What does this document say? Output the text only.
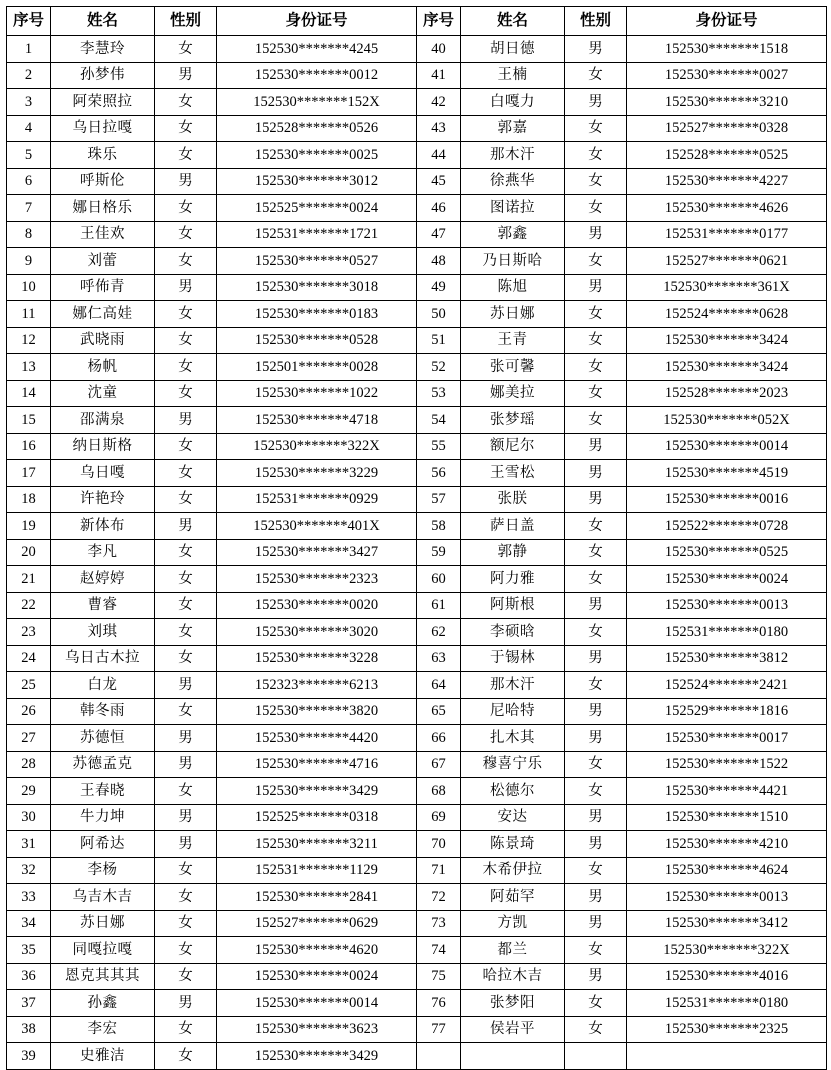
序号	姓名	性别	身份证号	序号	姓名	性别	身份证号
1	李慧玲	女	152530*******4245	40	胡日德	男	152530*******1518
2	孙梦伟	男	152530*******0012	41	王楠	女	152530*******0027
3	阿荣照拉	女	152530*******152X	42	白嘎力	男	152530*******3210
4	乌日拉嘎	女	152528*******0526	43	郭嘉	女	152527*******0328
5	珠乐	女	152530*******0025	44	那木汗	女	152528*******0525
6	呼斯伦	男	152530*******3012	45	徐燕华	女	152530*******4227
7	娜日格乐	女	152525*******0024	46	图诺拉	女	152530*******4626
8	王佳欢	女	152531*******1721	47	郭鑫	男	152531*******0177
9	刘蕾	女	152530*******0527	48	乃日斯哈	女	152527*******0621
10	呼佈青	男	152530*******3018	49	陈旭	男	152530*******361X
11	娜仁高娃	女	152530*******0183	50	苏日娜	女	152524*******0628
12	武晓雨	女	152530*******0528	51	王青	女	152530*******3424
13	杨帆	女	152501*******0028	52	张可馨	女	152530*******3424
14	沈童	女	152530*******1022	53	娜美拉	女	152528*******2023
15	邵满泉	男	152530*******4718	54	张梦瑶	女	152530*******052X
16	纳日斯格	女	152530*******322X	55	额尼尔	男	152530*******0014
17	乌日嘎	女	152530*******3229	56	王雪松	男	152530*******4519
18	许艳玲	女	152531*******0929	57	张朕	男	152530*******0016
19	新体布	男	152530*******401X	58	萨日盖	女	152522*******0728
20	李凡	女	152530*******3427	59	郭静	女	152530*******0525
21	赵婷婷	女	152530*******2323	60	阿力雅	女	152530*******0024
22	曹睿	女	152530*******0020	61	阿斯根	男	152530*******0013
23	刘琪	女	152530*******3020	62	李硕晗	女	152531*******0180
24	乌日古木拉	女	152530*******3228	63	于锡林	男	152530*******3812
25	白龙	男	152323*******6213	64	那木汗	女	152524*******2421
26	韩冬雨	女	152530*******3820	65	尼哈特	男	152529*******1816
27	苏德恒	男	152530*******4420	66	扎木其	男	152530*******0017
28	苏德孟克	男	152530*******4716	67	穆喜宁乐	女	152530*******1522
29	王春晓	女	152530*******3429	68	松德尔	女	152530*******4421
30	牛力坤	男	152525*******0318	69	安达	男	152530*******1510
31	阿希达	男	152530*******3211	70	陈景琦	男	152530*******4210
32	李杨	女	152531*******1129	71	木希伊拉	女	152530*******4624
33	乌吉木吉	女	152530*******2841	72	阿茹罕	男	152530*******0013
34	苏日娜	女	152527*******0629	73	方凯	男	152530*******3412
35	同嘎拉嘎	女	152530*******4620	74	都兰	女	152530*******322X
36	恩克其其其	女	152530*******0024	75	哈拉木吉	男	152530*******4016
37	孙鑫	男	152530*******0014	76	张梦阳	女	152531*******0180
38	李宏	女	152530*******3623	77	侯岩平	女	152530*******2325
39	史雅洁	女	152530*******3429				
